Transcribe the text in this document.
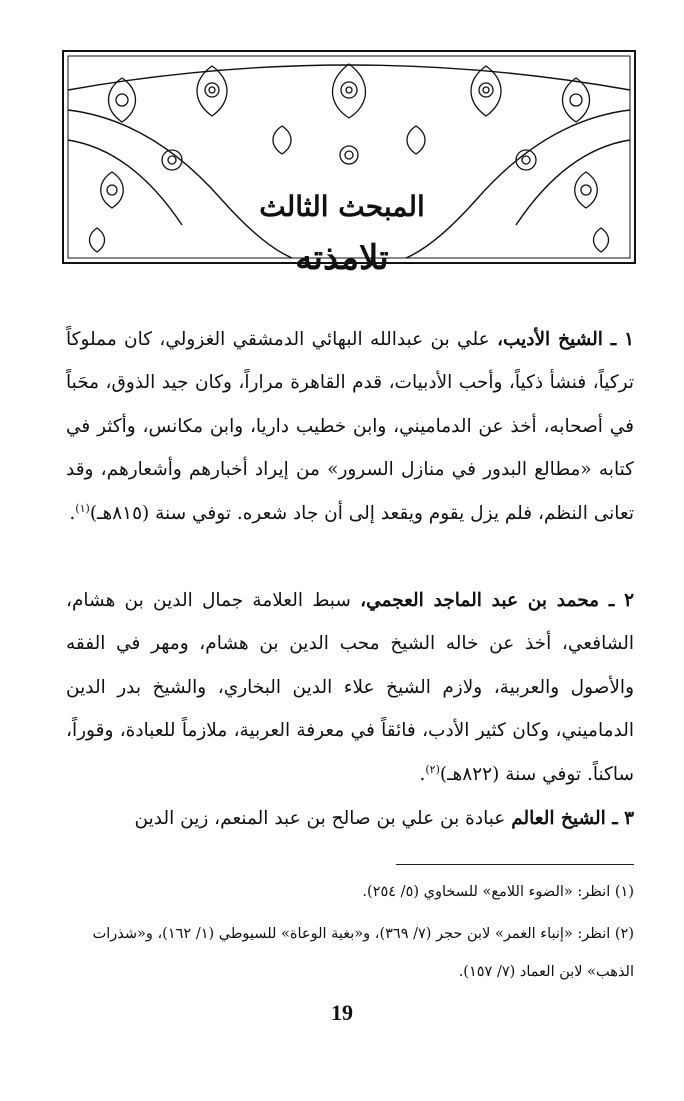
المبحث الثالث
تلامذته

١ ـ الشيخ الأديب، علي بن عبدالله البهائي الدمشقي الغزولي، كان مملوكاً تركياً، فنشأ ذكياً، وأحب الأدبيات، قدم القاهرة مراراً، وكان جيد الذوق، محَباً في أصحابه، أخذ عن الدماميني، وابن خطيب داريا، وابن مكانس، وأكثر في كتابه «مطالع البدور في منازل السرور» من إيراد أخبارهم وأشعارهم، وقد تعانى النظم، فلم يزل يقوم ويقعد إلى أن جاد شعره. توفي سنة (٨١٥هـ)$^{(١)}$.

٢ ـ محمد بن عبد الماجد العجمي، سبط العلامة جمال الدين بن هشام، الشافعي، أخذ عن خاله الشيخ محب الدين بن هشام، ومهر في الفقه والأصول والعربية، ولازم الشيخ علاء الدين البخاري، والشيخ بدر الدين الدماميني، وكان كثير الأدب، فائقاً في معرفة العربية، ملازماً للعبادة، وقوراً، ساكناً. توفي سنة (٨٢٢هـ)$^{(٢)}$.

٣ ـ الشيخ العالم عبادة بن علي بن صالح بن عبد المنعم، زين الدين

(١) انظر: «الضوء اللامع» للسخاوي (٥/ ٢٥٤).
(٢) انظر: «إنباء الغمر» لابن حجر (٧/ ٣٦٩)، و«بغية الوعاة» للسيوطي (١/ ١٦٢)، و«شذرات الذهب» لابن العماد (٧/ ١٥٧).
19
